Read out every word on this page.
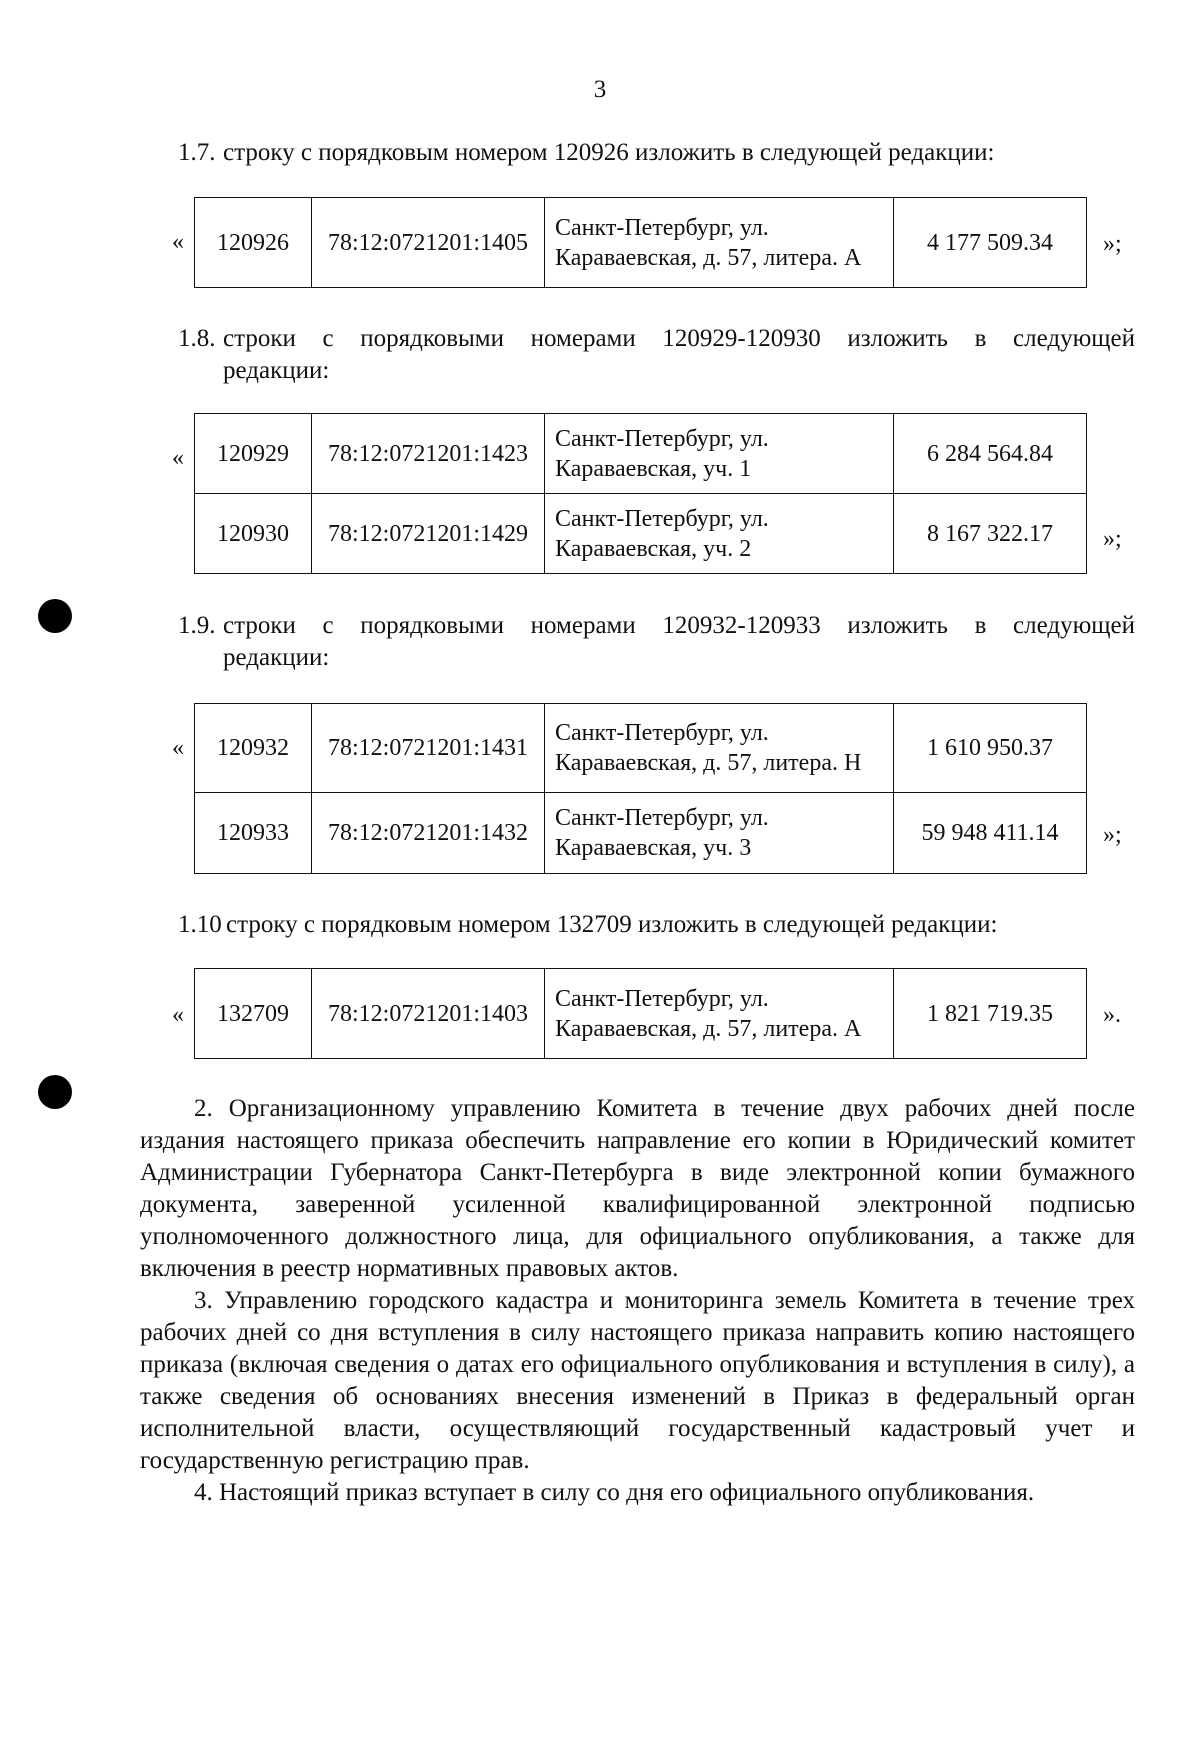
3
1.7. строку с порядковым номером 120926 изложить в следующей редакции:
« 120926	78:12:0721201:1405	Санкт-Петербург, ул. Караваевская, д. 57, литера. А	4 177 509.34 »;
1.8. строки с порядковыми номерами 120929-120930 изложить в следующей
редакции:
« 120929	78:12:0721201:1423	Санкт-Петербург, ул. Караваевская, уч. 1	6 284 564.84
120930	78:12:0721201:1429	Санкт-Петербург, ул. Караваевская, уч. 2	8 167 322.17 »;
1.9. строки с порядковыми номерами 120932-120933 изложить в следующей
редакции:
« 120932	78:12:0721201:1431	Санкт-Петербург, ул. Караваевская, д. 57, литера. Н	1 610 950.37
120933	78:12:0721201:1432	Санкт-Петербург, ул. Караваевская, уч. 3	59 948 411.14 »;
1.10 строку с порядковым номером 132709 изложить в следующей редакции:
« 132709	78:12:0721201:1403	Санкт-Петербург, ул. Караваевская, д. 57, литера. А	1 821 719.35 ».
2. Организационному управлению Комитета в течение двух рабочих дней после издания настоящего приказа обеспечить направление его копии в Юридический комитет Администрации Губернатора Санкт-Петербурга в виде электронной копии бумажного документа, заверенной усиленной квалифицированной электронной подписью уполномоченного должностного лица, для официального опубликования, а также для включения в реестр нормативных правовых актов.
3. Управлению городского кадастра и мониторинга земель Комитета в течение трех рабочих дней со дня вступления в силу настоящего приказа направить копию настоящего приказа (включая сведения о датах его официального опубликования и вступления в силу), а также сведения об основаниях внесения изменений в Приказ в федеральный орган исполнительной власти, осуществляющий государственный кадастровый учет и государственную регистрацию прав.
4. Настоящий приказ вступает в силу со дня его официального опубликования.
